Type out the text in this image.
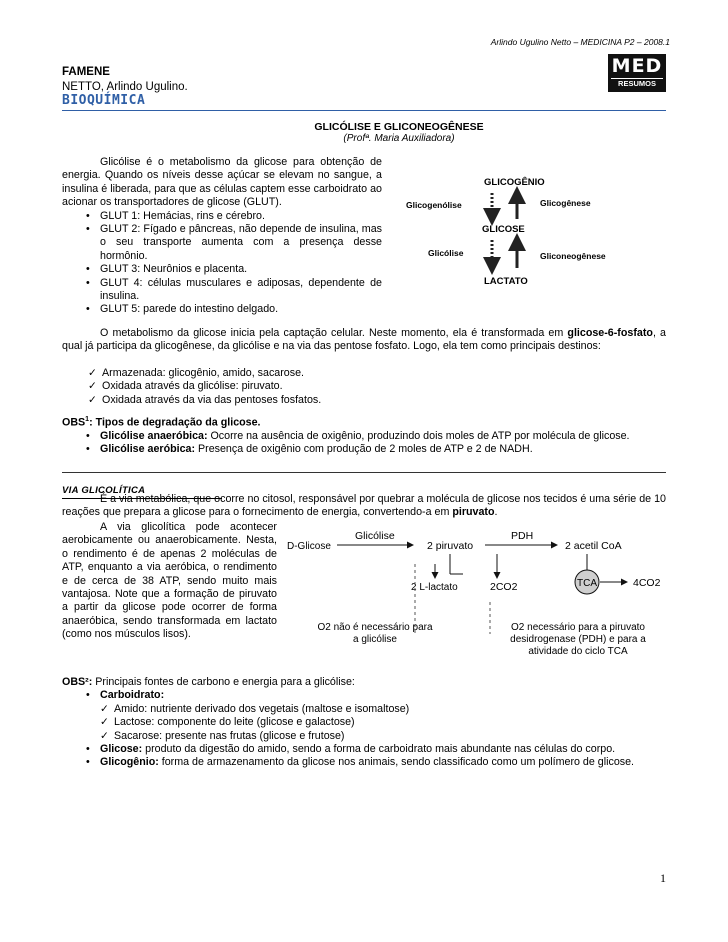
Arlindo Ugulino Netto – MEDICINA P2 – 2008.1
FAMENE
NETTO, Arlindo Ugulino.
BIOQUÍMICA
MED
RESUMOS
GLICÓLISE E GLICONEOGÊNESE
(Profª. Maria Auxiliadora)
Glicólise é o metabolismo da glicose para obtenção de energia. Quando os níveis desse açúcar se elevam no sangue, a insulina é liberada, para que as células captem esse carboidrato ao acionar os transportadores de glicose (GLUT).
• GLUT 1: Hemácias, rins e cérebro.
• GLUT 2: Fígado e pâncreas, não depende de insulina, mas o seu transporte aumenta com a presença desse hormônio.
• GLUT 3: Neurônios e placenta.
• GLUT 4: células musculares e adiposas, dependente de insulina.
• GLUT 5: parede do intestino delgado.
GLICOGÊNIO
Glicogenólise	Glicogênese
GLICOSE
Glicólise	Gliconeogênese
LACTATO
O metabolismo da glicose inicia pela captação celular. Neste momento, ela é transformada em glicose-6-fosfato, a qual já participa da glicogênese, da glicólise e na via das pentose fosfato. Logo, ela tem como principais destinos:
✓ Armazenada: glicogênio, amido, sacarose.
✓ Oxidada através da glicólise: piruvato.
✓ Oxidada através da via das pentoses fosfatos.
OBS$^1$: Tipos de degradação da glicose.
• Glicólise anaeróbica: Ocorre na ausência de oxigênio, produzindo dois moles de ATP por molécula de glicose.
• Glicólise aeróbica: Presença de oxigênio com produção de 2 moles de ATP e 2 de NADH.
VIA GLICOLÍTICA
É a via metabólica, que ocorre no citosol, responsável por quebrar a molécula de glicose nos tecidos é uma série de 10 reações que prepara a glicose para o fornecimento de energia, convertendo-a em piruvato.
A via glicolítica pode acontecer aerobicamente ou anaerobicamente. Nesta, o rendimento é de apenas 2 moléculas de ATP, enquanto a via aeróbica, o rendimento e de cerca de 38 ATP, sendo muito mais vantajosa. Note que a formação de piruvato a partir da glicose pode ocorrer de forma anaeróbica, sendo transformada em lactato (como nos músculos lisos).
D-Glicose
Glicólise
2 piruvato
PDH
2 acetil CoA
2 L-lactato	2CO2	TCA	4CO2
O2 não é necessário para a glicólise
O2 necessário para a piruvato desidrogenase (PDH) e para a atividade do ciclo TCA
OBS²: Principais fontes de carbono e energia para a glicólise:
• Carboidrato:
✓ Amido: nutriente derivado dos vegetais (maltose e isomaltose)
✓ Lactose: componente do leite (glicose e galactose)
✓ Sacarose: presente nas frutas (glicose e frutose)
• Glicose: produto da digestão do amido, sendo a forma de carboidrato mais abundante nas células do corpo.
• Glicogênio: forma de armazenamento da glicose nos animais, sendo classificado como um polímero de glicose.
1
